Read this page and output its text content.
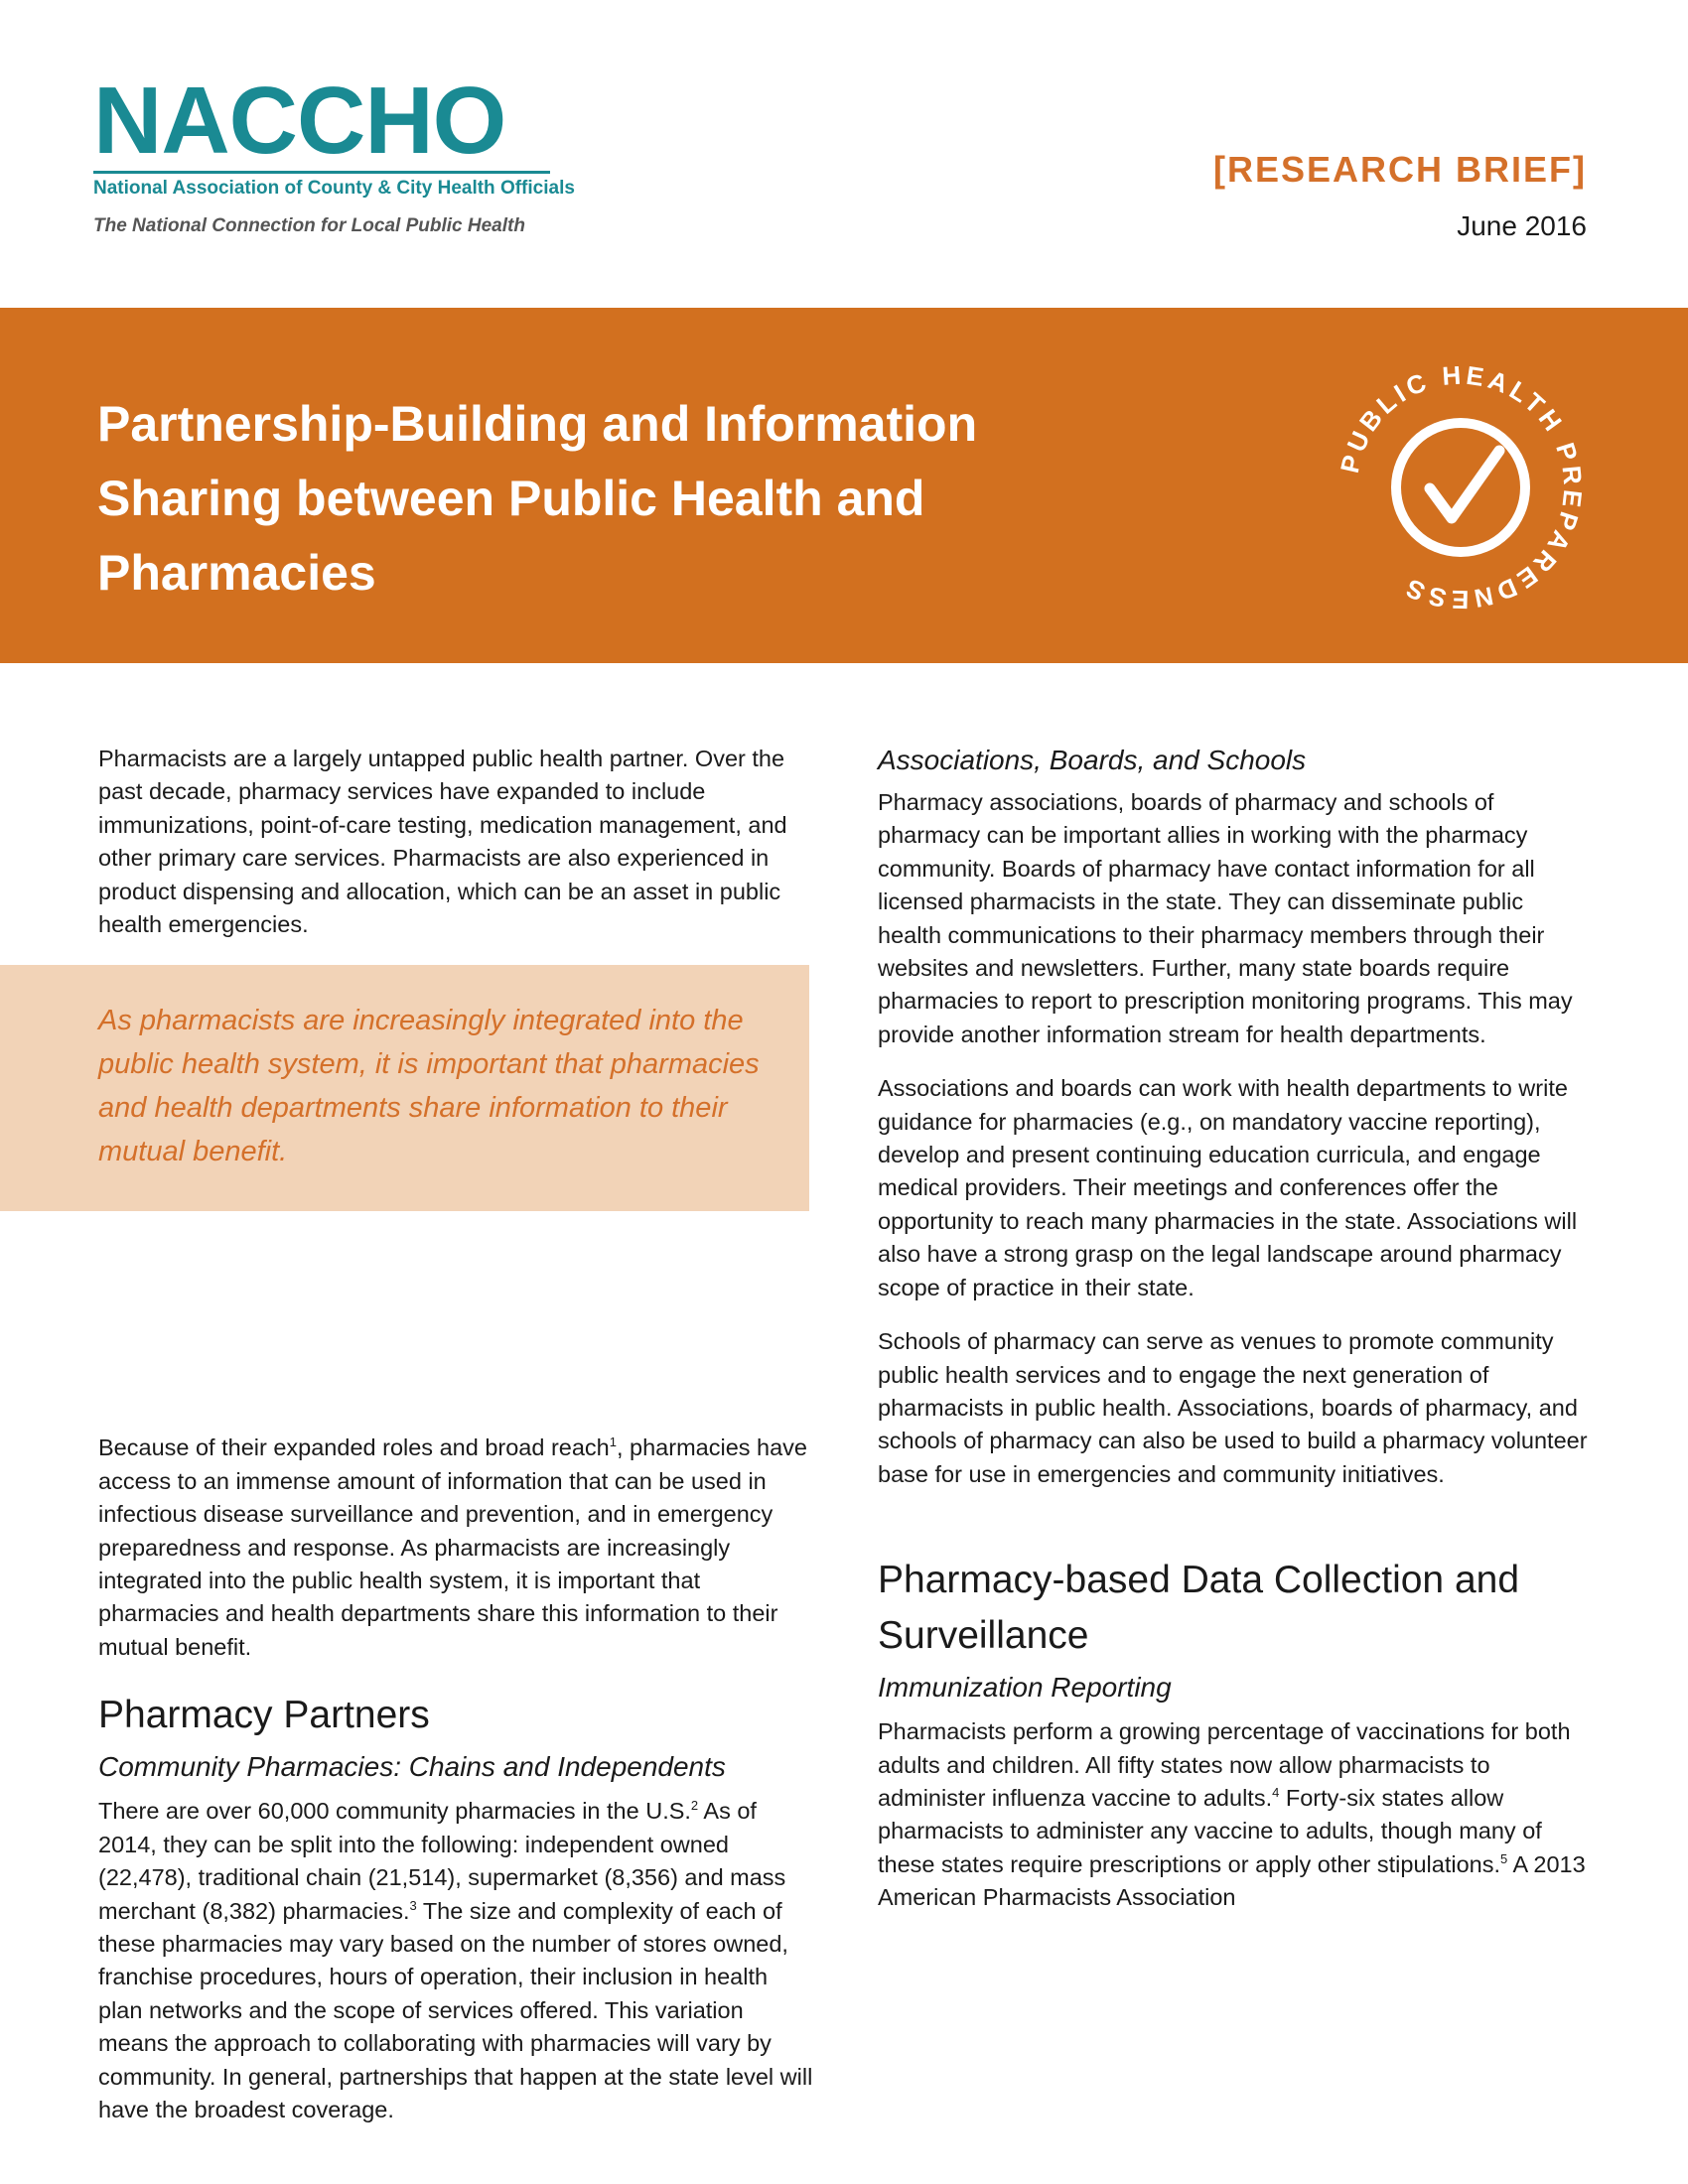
NACCHO
National Association of County & City Health Officials
The National Connection for Local Public Health
[RESEARCH BRIEF]
June 2016
Partnership-Building and Information Sharing between Public Health and Pharmacies
PUBLIC HEALTH PREPAREDNESS

As pharmacists are increasingly integrated into the public health system, it is important that pharmacies and health departments share information to their mutual benefit.

Pharmacists are a largely untapped public health partner. Over the past decade, pharmacy services have expanded to include immunizations, point-of-care testing, medication management, and other primary care services. Pharmacists are also experienced in product dispensing and allocation, which can be an asset in public health emergencies.

Because of their expanded roles and broad reach$^1$, pharmacies have access to an immense amount of information that can be used in infectious disease surveillance and prevention, and in emergency preparedness and response. As pharmacists are increasingly integrated into the public health system, it is important that pharmacies and health departments share this information to their mutual benefit.

Pharmacy Partners
Community Pharmacies: Chains and Independents

There are over 60,000 community pharmacies in the U.S.$^2$ As of 2014, they can be split into the following: independent owned (22,478), traditional chain (21,514), supermarket (8,356) and mass merchant (8,382) pharmacies.$^3$ The size and complexity of each of these pharmacies may vary based on the number of stores owned, franchise procedures, hours of operation, their inclusion in health plan networks and the scope of services offered. This variation means the approach to collaborating with pharmacies will vary by community. In general, partnerships that happen at the state level will have the broadest coverage.

Associations, Boards, and Schools

Pharmacy associations, boards of pharmacy and schools of pharmacy can be important allies in working with the pharmacy community. Boards of pharmacy have contact information for all licensed pharmacists in the state. They can disseminate public health communications to their pharmacy members through their websites and newsletters. Further, many state boards require pharmacies to report to prescription monitoring programs. This may provide another information stream for health departments.

Associations and boards can work with health departments to write guidance for pharmacies (e.g., on mandatory vaccine reporting), develop and present continuing education curricula, and engage medical providers. Their meetings and conferences offer the opportunity to reach many pharmacies in the state. Associations will also have a strong grasp on the legal landscape around pharmacy scope of practice in their state.

Schools of pharmacy can serve as venues to promote community public health services and to engage the next generation of pharmacists in public health. Associations, boards of pharmacy, and schools of pharmacy can also be used to build a pharmacy volunteer base for use in emergencies and community initiatives.

Pharmacy-based Data Collection and Surveillance
Immunization Reporting

Pharmacists perform a growing percentage of vaccinations for both adults and children. All fifty states now allow pharmacists to administer influenza vaccine to adults.$^4$ Forty-six states allow pharmacists to administer any vaccine to adults, though many of these states require prescriptions or apply other stipulations.$^5$ A 2013 American Pharmacists Association
